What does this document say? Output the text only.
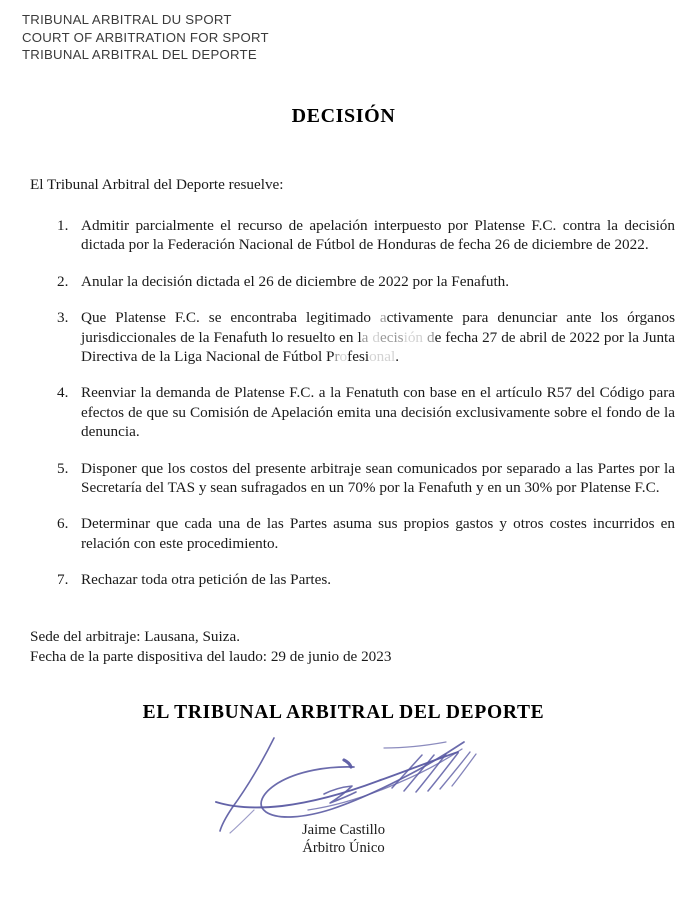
TRIBUNAL ARBITRAL DU SPORT
COURT OF ARBITRATION FOR SPORT
TRIBUNAL ARBITRAL DEL DEPORTE
DECISIÓN

El Tribunal Arbitral del Deporte resuelve:

1. Admitir parcialmente el recurso de apelación interpuesto por Platense F.C. contra la decisión dictada por la Federación Nacional de Fútbol de Honduras de fecha 26 de diciembre de 2022.
2. Anular la decisión dictada el 26 de diciembre de 2022 por la Fenafuth.
3. Que Platense F.C. se encontraba legitimado activamente para denunciar ante los órganos jurisdiccionales de la Fenafuth lo resuelto en la decisión de fecha 27 de abril de 2022 por la Junta Directiva de la Liga Nacional de Fútbol Profesional.
4. Reenviar la demanda de Platense F.C. a la Fenatuth con base en el artículo R57 del Código para efectos de que su Comisión de Apelación emita una decisión exclusivamente sobre el fondo de la denuncia.
5. Disponer que los costos del presente arbitraje sean comunicados por separado a las Partes por la Secretaría del TAS y sean sufragados en un 70% por la Fenafuth y en un 30% por Platense F.C.
6. Determinar que cada una de las Partes asuma sus propios gastos y otros costes incurridos en relación con este procedimiento.
7. Rechazar toda otra petición de las Partes.
Sede del arbitraje: Lausana, Suiza.
Fecha de la parte dispositiva del laudo: 29 de junio de 2023
EL TRIBUNAL ARBITRAL DEL DEPORTE
Jaime Castillo
Árbitro Único
